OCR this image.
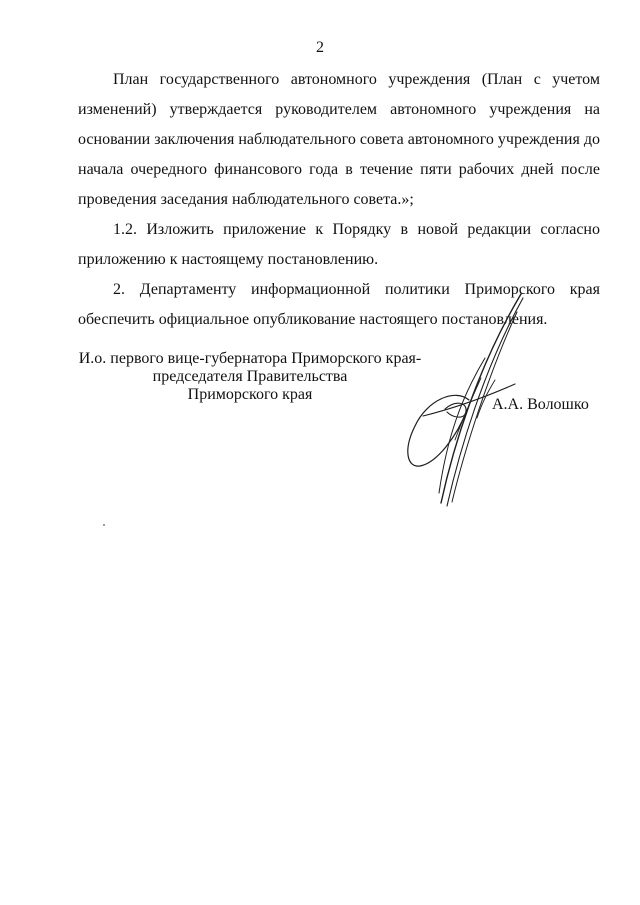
2

План государственного автономного учреждения (План с учетом изменений) утверждается руководителем автономного учреждения на основании заключения наблюдательного совета автономного учреждения до начала очередного финансового года в течение пяти рабочих дней после проведения заседания наблюдательного совета.»;

1.2. Изложить приложение к Порядку в новой редакции согласно приложению к настоящему постановлению.

2. Департаменту информационной политики Приморского края обеспечить официальное опубликование настоящего постановления.

И.о. первого вице-губернатора Приморского края-
председателя Правительства
Приморского края
А.А. Волошко
